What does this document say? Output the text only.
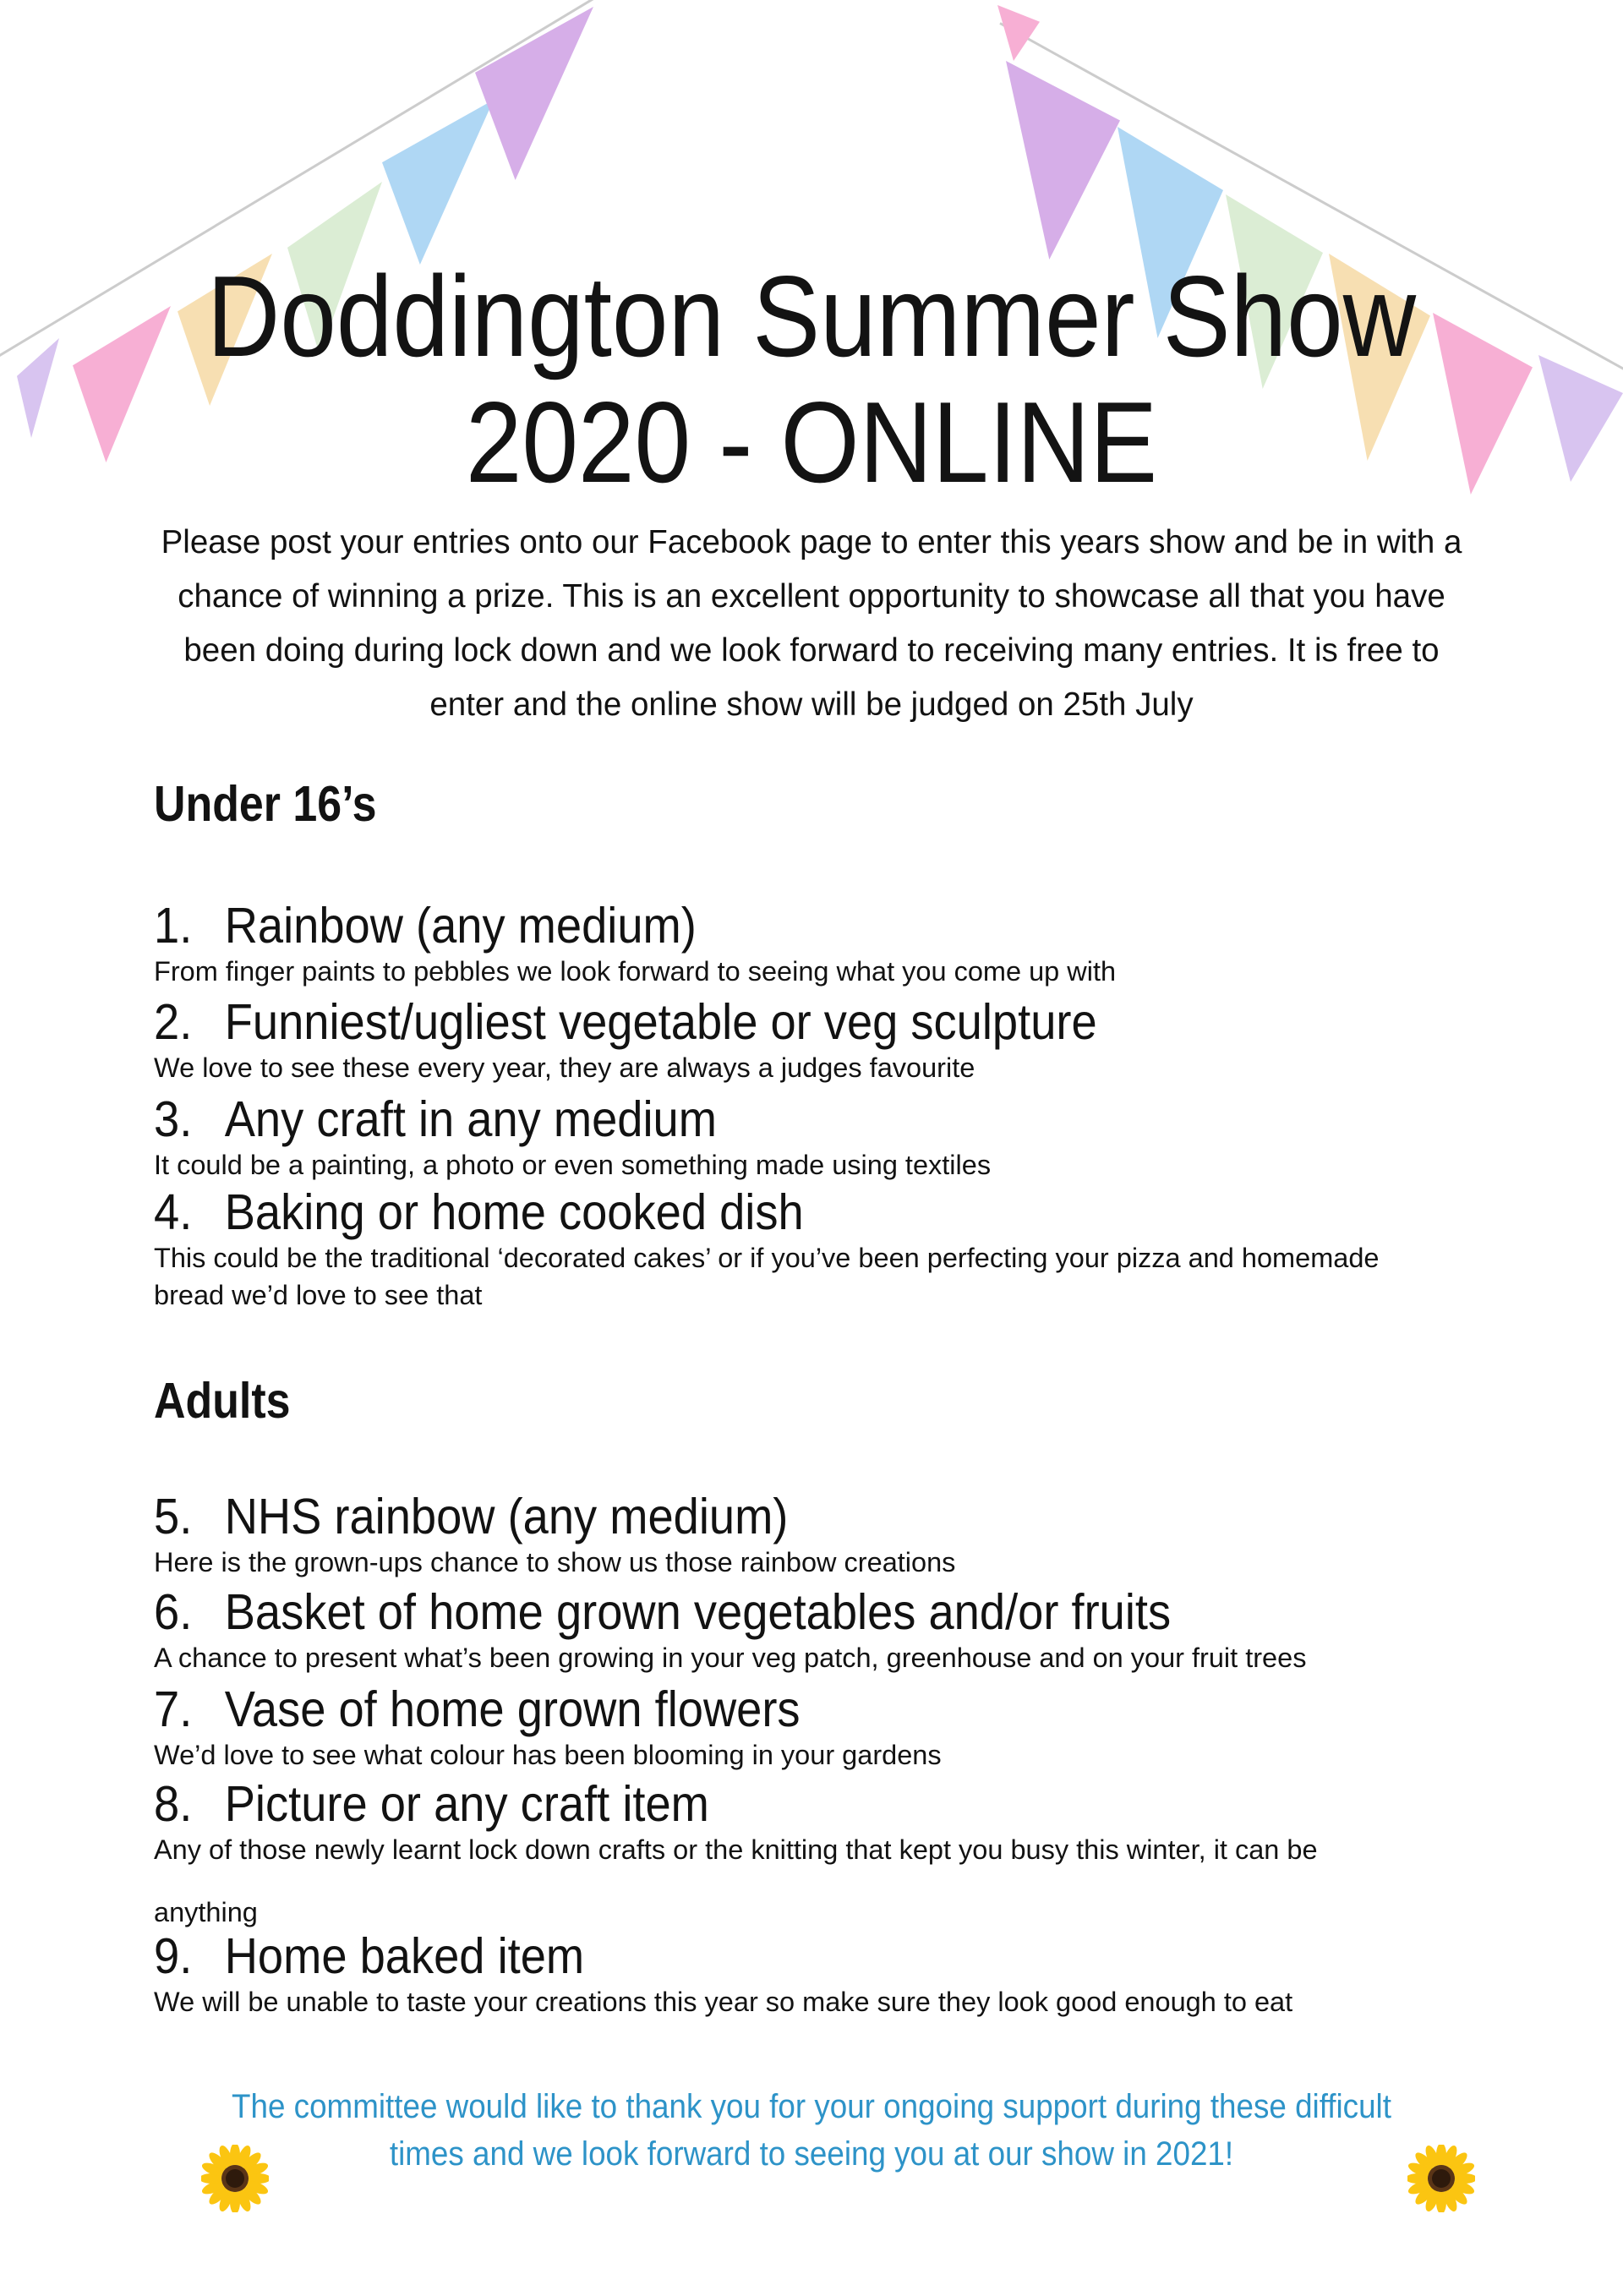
Doddington Summer Show
2020 - ONLINE
Please post your entries onto our Facebook page to enter this years show and be in with a
chance of winning a prize. This is an excellent opportunity to showcase all that you have
been doing during lock down and we look forward to receiving many entries. It is free to
enter and the online show will be judged on 25th July
Under 16’s
1. Rainbow (any medium)
From finger paints to pebbles we look forward to seeing what you come up with
2. Funniest/ugliest vegetable or veg sculpture
We love to see these every year, they are always a judges favourite
3. Any craft in any medium
It could be a painting, a photo or even something made using textiles
4. Baking or home cooked dish
This could be the traditional ‘decorated cakes’ or if you’ve been perfecting your pizza and homemade
bread we’d love to see that
Adults
5. NHS rainbow (any medium)
Here is the grown-ups chance to show us those rainbow creations
6. Basket of home grown vegetables and/or fruits
A chance to present what’s been growing in your veg patch, greenhouse and on your fruit trees
7. Vase of home grown flowers
We’d love to see what colour has been blooming in your gardens
8. Picture or any craft item
Any of those newly learnt lock down crafts or the knitting that kept you busy this winter, it can be
anything
9. Home baked item
We will be unable to taste your creations this year so make sure they look good enough to eat
The committee would like to thank you for your ongoing support during these difficult
times and we look forward to seeing you at our show in 2021!
